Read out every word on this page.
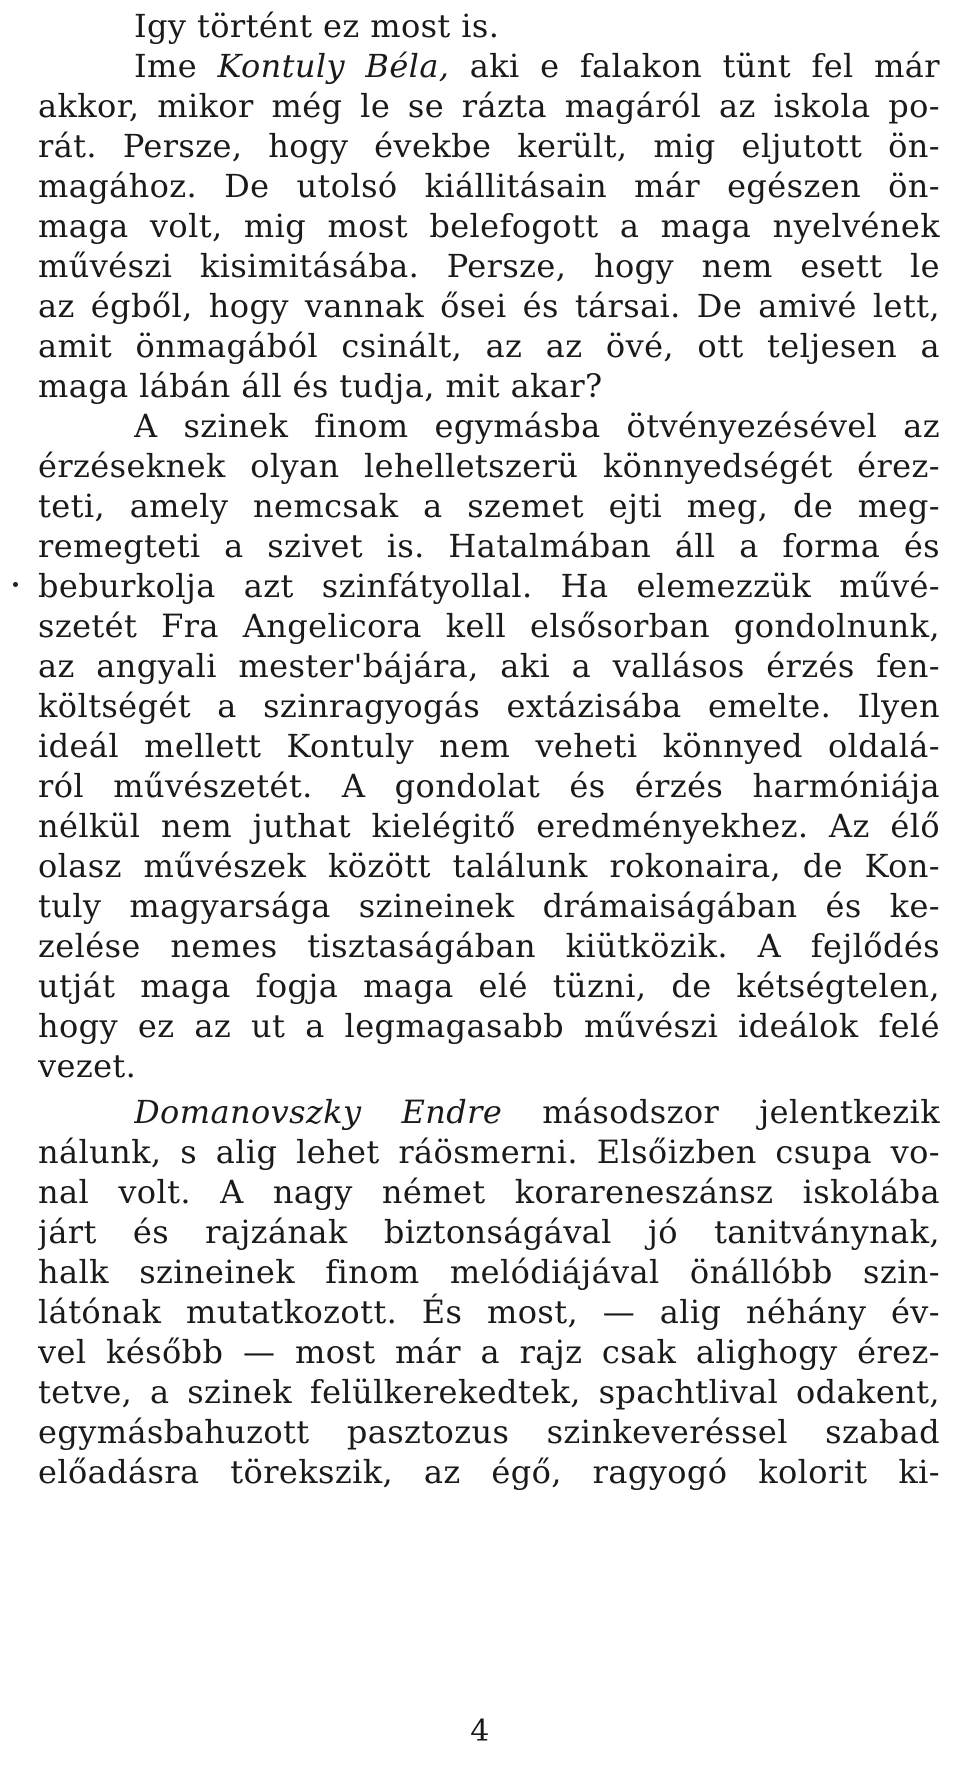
Igy történt ez most is.
Ime Kontuly Béla, aki e falakon tünt fel már
akkor, mikor még le se rázta magáról az iskola po-
rát. Persze, hogy évekbe került, mig eljutott ön-
magához. De utolsó kiállitásain már egészen ön-
maga volt, mig most belefogott a maga nyelvének
művészi kisimitásába. Persze, hogy nem esett le
az égből, hogy vannak ősei és társai. De amivé lett,
amit önmagából csinált, az az övé, ott teljesen a
maga lábán áll és tudja, mit akar?
A szinek finom egymásba ötvényezésével az
érzéseknek olyan lehelletszerü könnyedségét érez-
teti, amely nemcsak a szemet ejti meg, de meg-
remegteti a szivet is. Hatalmában áll a forma és
beburkolja azt szinfátyollal. Ha elemezzük művé-
szetét Fra Angelicora kell elsősorban gondolnunk,
az angyali mester'bájára, aki a vallásos érzés fen-
költségét a szinragyogás extázisába emelte. Ilyen
ideál mellett Kontuly nem veheti könnyed oldalá-
ról művészetét. A gondolat és érzés harmóniája
nélkül nem juthat kielégitő eredményekhez. Az élő
olasz művészek között találunk rokonaira, de Kon-
tuly magyarsága szineinek drámaiságában és ke-
zelése nemes tisztaságában kiütközik. A fejlődés
utját maga fogja maga elé tüzni, de kétségtelen,
hogy ez az ut a legmagasabb művészi ideálok felé
vezet.
Domanovszky Endre másodszor jelentkezik
nálunk, s alig lehet ráösmerni. Elsőizben csupa vo-
nal volt. A nagy német korareneszánsz iskolába
járt és rajzának biztonságával jó tanitványnak,
halk szineinek finom melódiájával önállóbb szin-
látónak mutatkozott. És most, — alig néhány év-
vel később — most már a rajz csak alighogy érez-
tetve, a szinek felülkerekedtek, spachtlival odakent,
egymásbahuzott pasztozus szinkeveréssel szabad
előadásra törekszik, az égő, ragyogó kolorit ki-
4
